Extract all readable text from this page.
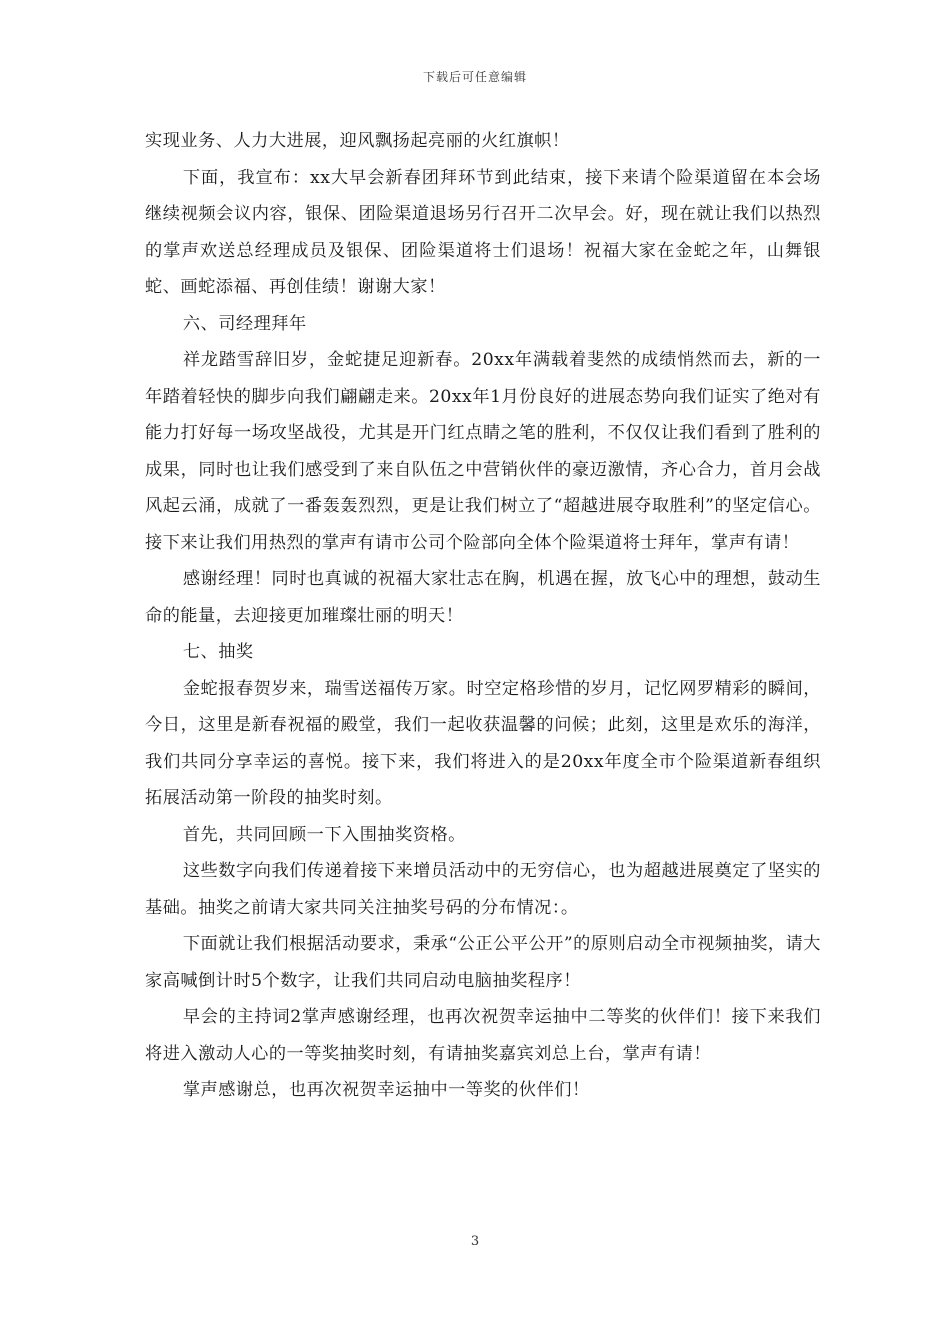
下载后可任意编辑

实现业务、人力大进展，迎风飘扬起亮丽的火红旗帜！

下面，我宣布：xx大早会新春团拜环节到此结束，接下来请个险渠道留在本会场继续视频会议内容，银保、团险渠道退场另行召开二次早会。好，现在就让我们以热烈的掌声欢送总经理成员及银保、团险渠道将士们退场！祝福大家在金蛇之年，山舞银蛇、画蛇添福、再创佳绩！谢谢大家！

六、司经理拜年

祥龙踏雪辞旧岁，金蛇捷足迎新春。20xx年满载着斐然的成绩悄然而去，新的一年踏着轻快的脚步向我们翩翩走来。20xx年1月份良好的进展态势向我们证实了绝对有能力打好每一场攻坚战役，尤其是开门红点睛之笔的胜利，不仅仅让我们看到了胜利的成果，同时也让我们感受到了来自队伍之中营销伙伴的豪迈激情，齐心合力，首月会战风起云涌，成就了一番轰轰烈烈，更是让我们树立了“超越进展夺取胜利”的坚定信心。接下来让我们用热烈的掌声有请市公司个险部向全体个险渠道将士拜年，掌声有请！

感谢经理！同时也真诚的祝福大家壮志在胸，机遇在握，放飞心中的理想，鼓动生命的能量，去迎接更加璀璨壮丽的明天！

七、抽奖

金蛇报春贺岁来，瑞雪送福传万家。时空定格珍惜的岁月，记忆网罗精彩的瞬间，今日，这里是新春祝福的殿堂，我们一起收获温馨的问候；此刻，这里是欢乐的海洋，我们共同分享幸运的喜悦。接下来，我们将进入的是20xx年度全市个险渠道新春组织拓展活动第一阶段的抽奖时刻。

首先，共同回顾一下入围抽奖资格。

这些数字向我们传递着接下来增员活动中的无穷信心，也为超越进展奠定了坚实的基础。抽奖之前请大家共同关注抽奖号码的分布情况：。

下面就让我们根据活动要求，秉承“公正公平公开”的原则启动全市视频抽奖，请大家高喊倒计时5个数字，让我们共同启动电脑抽奖程序！

早会的主持词2掌声感谢经理，也再次祝贺幸运抽中二等奖的伙伴们！接下来我们将进入激动人心的一等奖抽奖时刻，有请抽奖嘉宾刘总上台，掌声有请！

掌声感谢总，也再次祝贺幸运抽中一等奖的伙伴们！

3
